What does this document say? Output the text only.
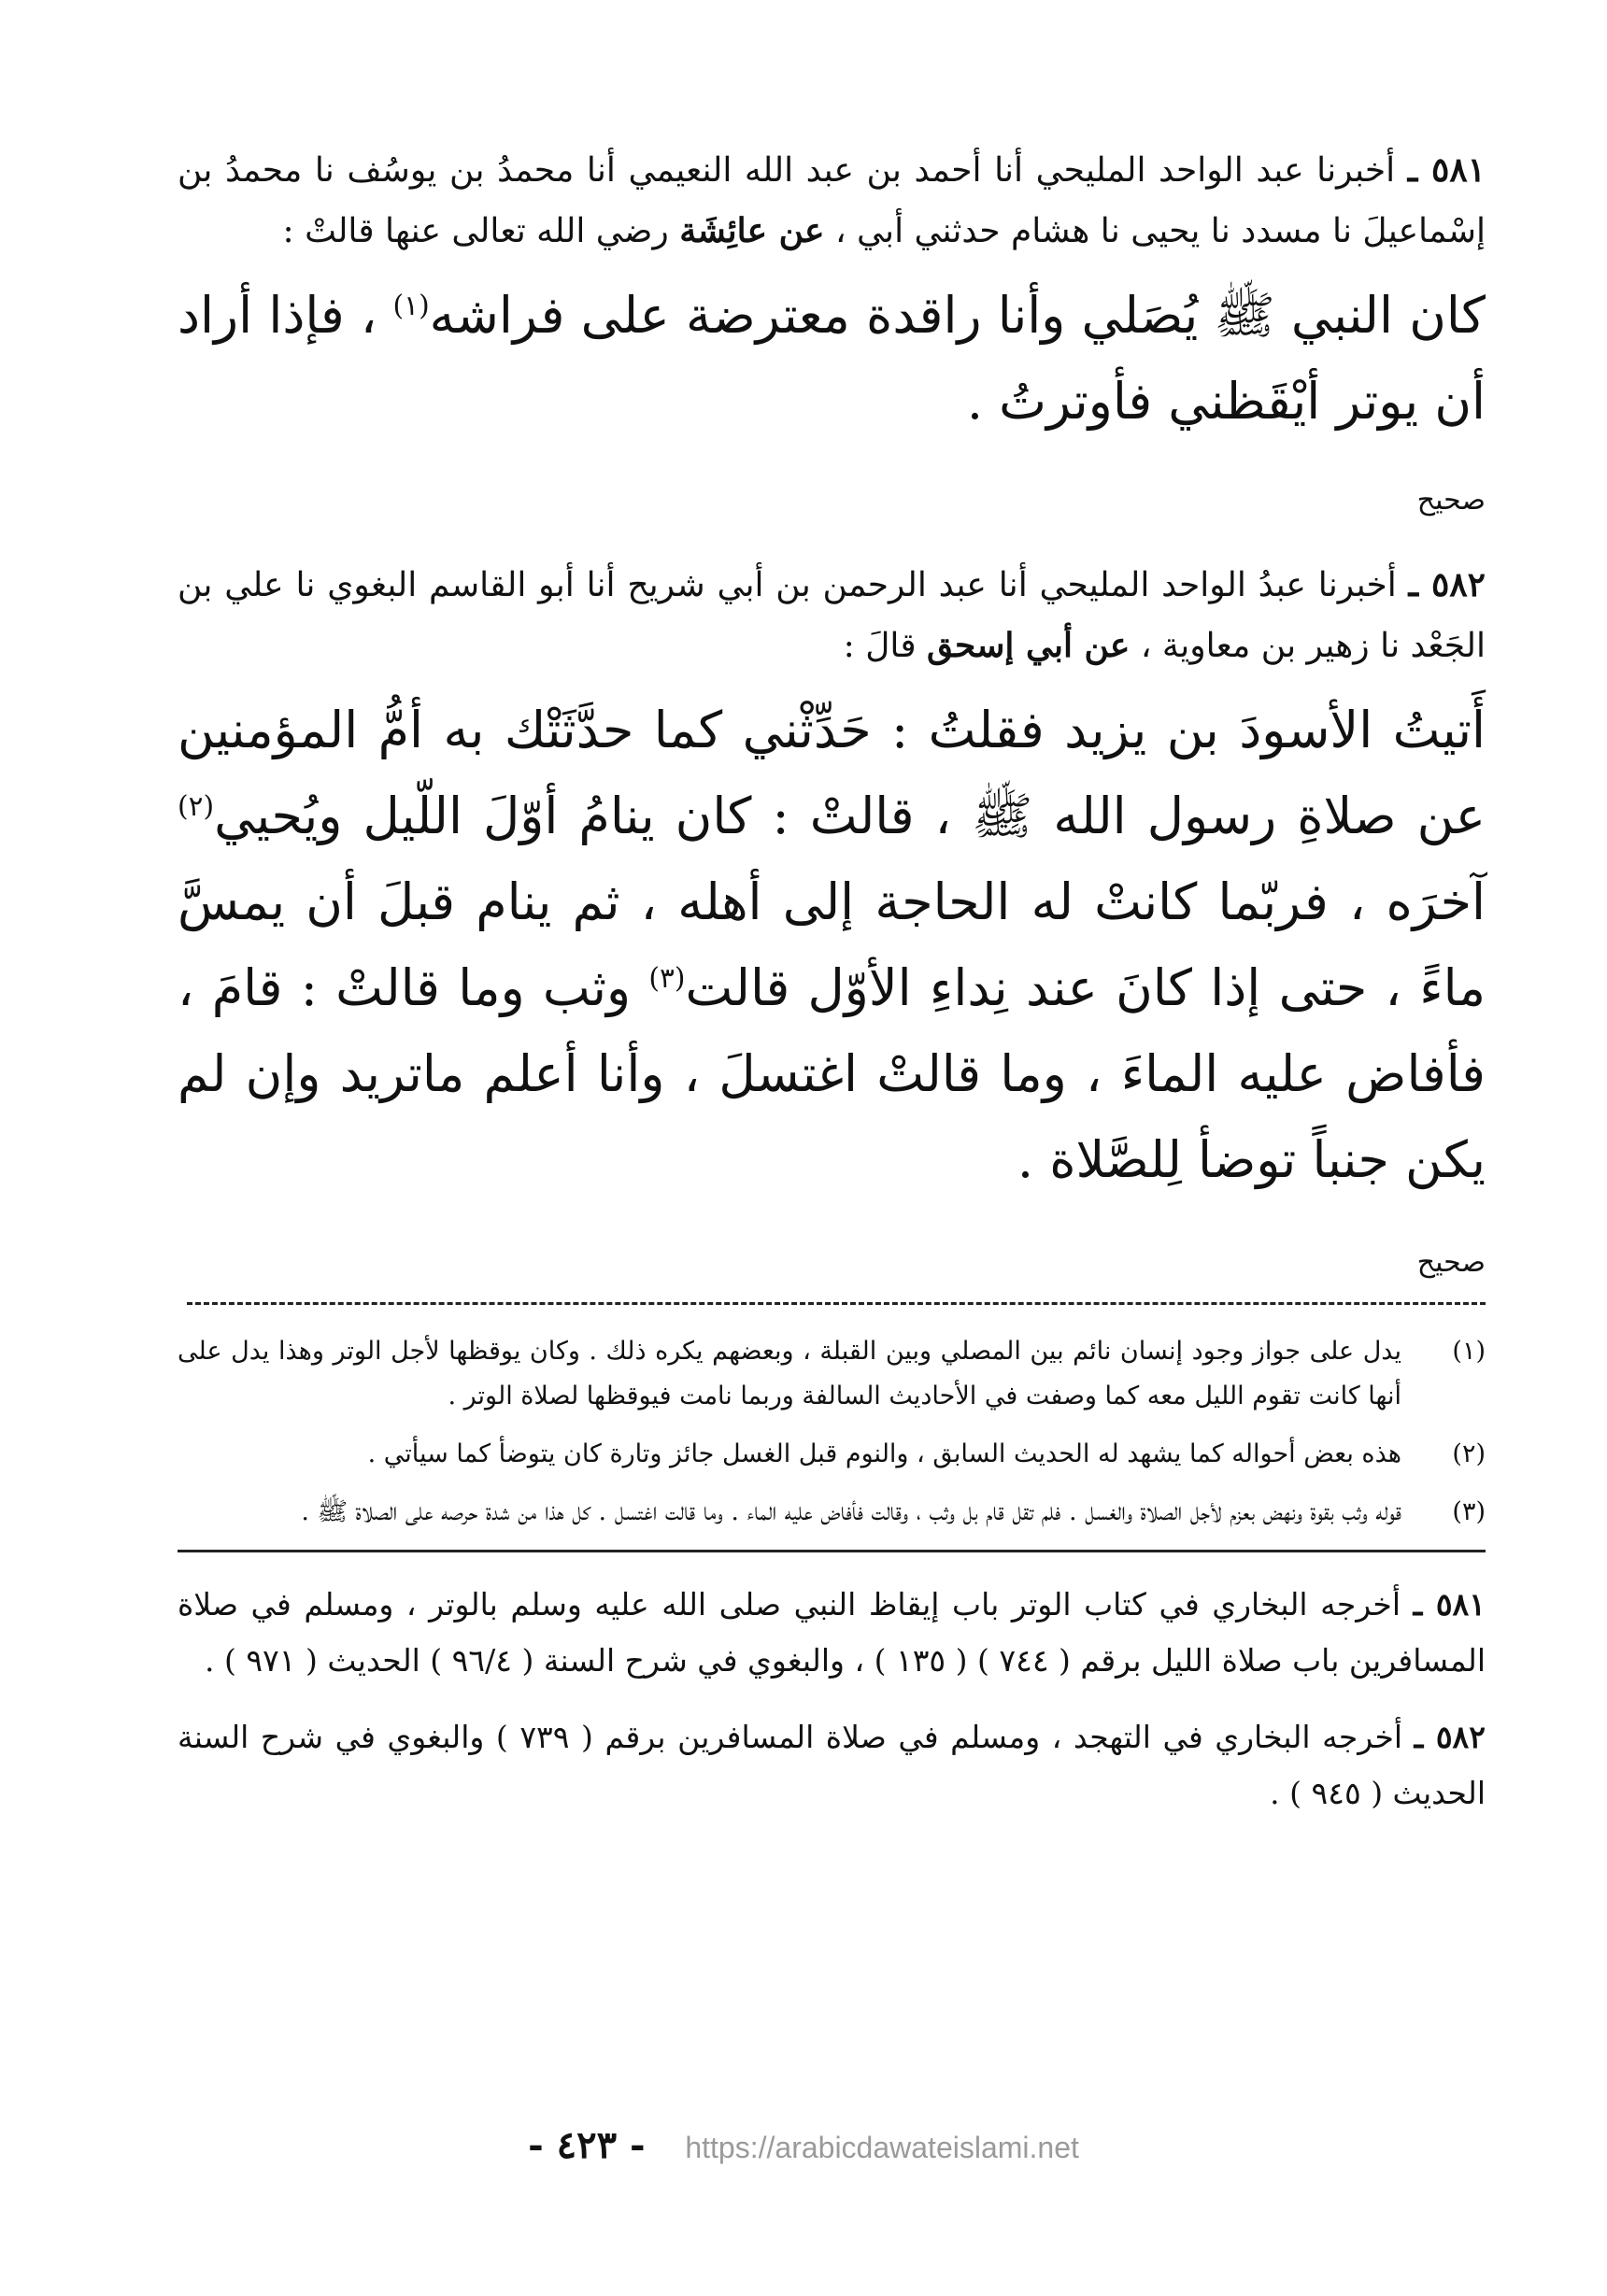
٥٨١ ـ أخبرنا عبد الواحد المليحي أنا أحمد بن عبد الله النعيمي أنا محمدُ بن يوسُف نا محمدُ بن إسْماعيلَ نا مسدد نا يحيى نا هشام حدثني أبي ، عن عائِشَة رضي الله تعالى عنها قالتْ :

كان النبي ﷺ يُصَلي وأنا راقدة معترضة على فراشه$^{(١)}$ ، فإذا أراد أن يوتر أيْقَظني فأوترتُ .

صحيح

٥٨٢ ـ أخبرنا عبدُ الواحد المليحي أنا عبد الرحمن بن أبي شريح أنا أبو القاسم البغوي نا علي بن الجَعْد نا زهير بن معاوية ، عن أبي إسحق قالَ :

أَتيتُ الأسودَ بن يزيد فقلتُ : حَدِّثْني كما حدَّثَتْك به أمُّ المؤمنين عن صلاةِ رسول الله ﷺ ، قالتْ : كان ينامُ أوّلَ اللّيل ويُحيي$^{(٢)}$ آخرَه ، فربّما كانتْ له الحاجة إلى أهله ، ثم ينام قبلَ أن يمسَّ ماءً ، حتى إذا كانَ عند نِداءِ الأوّل قالت$^{(٣)}$ وثب وما قالتْ : قامَ ، فأفاض عليه الماءَ ، وما قالتْ اغتسلَ ، وأنا أعلم ماتريد وإن لم يكن جنباً توضأ لِلصَّلاة .

صحيح

(١)
يدل على جواز وجود إنسان نائم بين المصلي وبين القبلة ، وبعضهم يكره ذلك . وكان يوقظها لأجل الوتر وهذا يدل على أنها كانت تقوم الليل معه كما وصفت في الأحاديث السالفة وربما نامت فيوقظها لصلاة الوتر .
(٢)
هذه بعض أحواله كما يشهد له الحديث السابق ، والنوم قبل الغسل جائز وتارة كان يتوضأ كما سيأتي .
(٣)
قوله وثب بقوة ونهض بعزم لأجل الصلاة والغسل . فلم تقل قام بل وثب ، وقالت فأفاض عليه الماء . وما قالت اغتسل . كل هذا من شدة حرصه على الصلاة ﷺ .

٥٨١ ـ أخرجه البخاري في كتاب الوتر باب إيقاظ النبي صلى الله عليه وسلم بالوتر ، ومسلم في صلاة المسافرين باب صلاة الليل برقم ( ٧٤٤ ) ( ١٣٥ ) ، والبغوي في شرح السنة ( ٩٦/٤ ) الحديث ( ٩٧١ ) .

٥٨٢ ـ أخرجه البخاري في التهجد ، ومسلم في صلاة المسافرين برقم ( ٧٣٩ ) والبغوي في شرح السنة الحديث ( ٩٤٥ ) .

- ٤٢٣ - https://arabicdawateislami.net
